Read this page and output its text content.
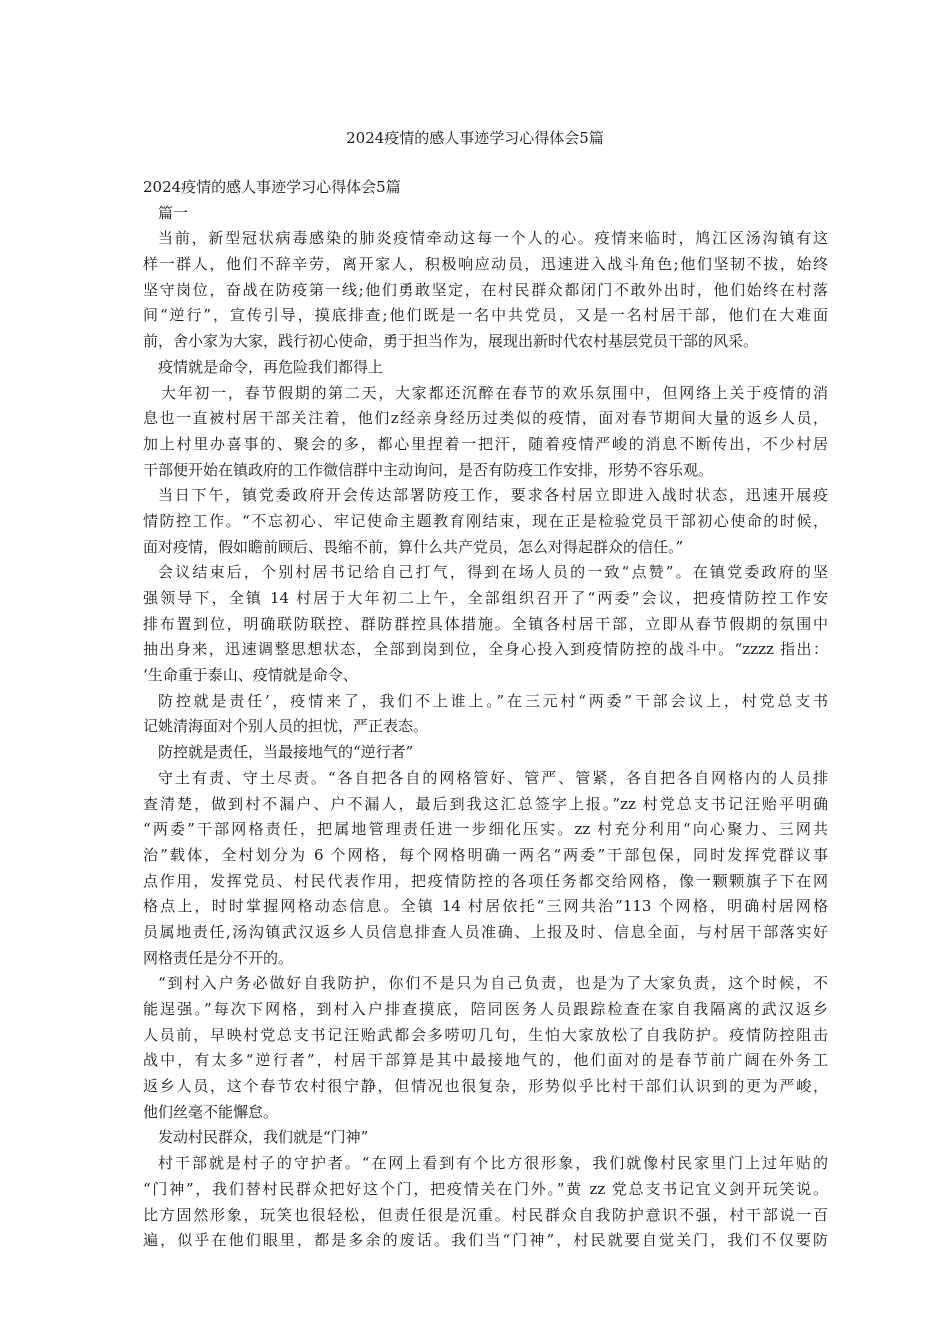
2024疫情的感人事迹学习心得体会5篇
2024疫情的感人事迹学习心得体会5篇
篇一
当前，新型冠状病毒感染的肺炎疫情牵动这每一个人的心。疫情来临时，鸠江区汤沟镇有这
样一群人，他们不辞辛劳，离开家人，积极响应动员，迅速进入战斗角色;他们坚韧不拔，始终
坚守岗位，奋战在防疫第一线;他们勇敢坚定，在村民群众都闭门不敢外出时，他们始终在村落
间“逆行”，宣传引导，摸底排查;他们既是一名中共党员，又是一名村居干部，他们在大难面
前，舍小家为大家，践行初心使命，勇于担当作为，展现出新时代农村基层党员干部的风采。
疫情就是命令，再危险我们都得上
大年初一，春节假期的第二天，大家都还沉醉在春节的欢乐氛围中，但网络上关于疫情的消
息也一直被村居干部关注着，他们z经亲身经历过类似的疫情，面对春节期间大量的返乡人员，
加上村里办喜事的、聚会的多，都心里捏着一把汗，随着疫情严峻的消息不断传出，不少村居
干部便开始在镇政府的工作微信群中主动询问，是否有防疫工作安排，形势不容乐观。
当日下午，镇党委政府开会传达部署防疫工作，要求各村居立即进入战时状态，迅速开展疫
情防控工作。“不忘初心、牢记使命主题教育刚结束，现在正是检验党员干部初心使命的时候，
面对疫情，假如瞻前顾后、畏缩不前，算什么共产党员，怎么对得起群众的信任。”
会议结束后，个别村居书记给自己打气，得到在场人员的一致“点赞”。在镇党委政府的坚
强领导下，全镇 14 村居于大年初二上午，全部组织召开了“两委”会议，把疫情防控工作安
排布置到位，明确联防联控、群防群控具体措施。全镇各村居干部，立即从春节假期的氛围中
抽出身来，迅速调整思想状态，全部到岗到位，全身心投入到疫情防控的战斗中。“zzzz 指出：
‘生命重于泰山、疫情就是命令、
防控就是责任’，疫情来了，我们不上谁上。”在三元村“两委”干部会议上，村党总支书
记姚清海面对个别人员的担忧，严正表态。
防控就是责任，当最接地气的“逆行者”
守土有责、守土尽责。“各自把各自的网格管好、管严、管紧，各自把各自网格内的人员排
查清楚，做到村不漏户、户不漏人，最后到我这汇总签字上报。”zz 村党总支书记汪贻平明确
“两委”干部网格责任，把属地管理责任进一步细化压实。zz 村充分利用“向心聚力、三网共
治”载体，全村划分为 6 个网格，每个网格明确一两名“两委”干部包保，同时发挥党群议事
点作用，发挥党员、村民代表作用，把疫情防控的各项任务都交给网格，像一颗颗旗子下在网
格点上，时时掌握网格动态信息。全镇 14 村居依托“三网共治”113 个网格，明确村居网格
员属地责任,汤沟镇武汉返乡人员信息排查人员准确、上报及时、信息全面，与村居干部落实好
网格责任是分不开的。
“到村入户务必做好自我防护，你们不是只为自己负责，也是为了大家负责，这个时候，不
能逞强。”每次下网格，到村入户排查摸底，陪同医务人员跟踪检查在家自我隔离的武汉返乡
人员前，早映村党总支书记汪贻武都会多唠叨几句，生怕大家放松了自我防护。疫情防控阻击
战中，有太多“逆行者”，村居干部算是其中最接地气的，他们面对的是春节前广阔在外务工
返乡人员，这个春节农村很宁静，但情况也很复杂，形势似乎比村干部们认识到的更为严峻，
他们丝毫不能懈怠。
发动村民群众，我们就是“门神”
村干部就是村子的守护者。“在网上看到有个比方很形象，我们就像村民家里门上过年贴的
“门神”，我们替村民群众把好这个门，把疫情关在门外。”黄 zz 党总支书记宜义剑开玩笑说。
比方固然形象，玩笑也很轻松，但责任很是沉重。村民群众自我防护意识不强，村干部说一百
遍，似乎在他们眼里，都是多余的废话。我们当“门神”，村民就要自觉关门，我们不仅要防
